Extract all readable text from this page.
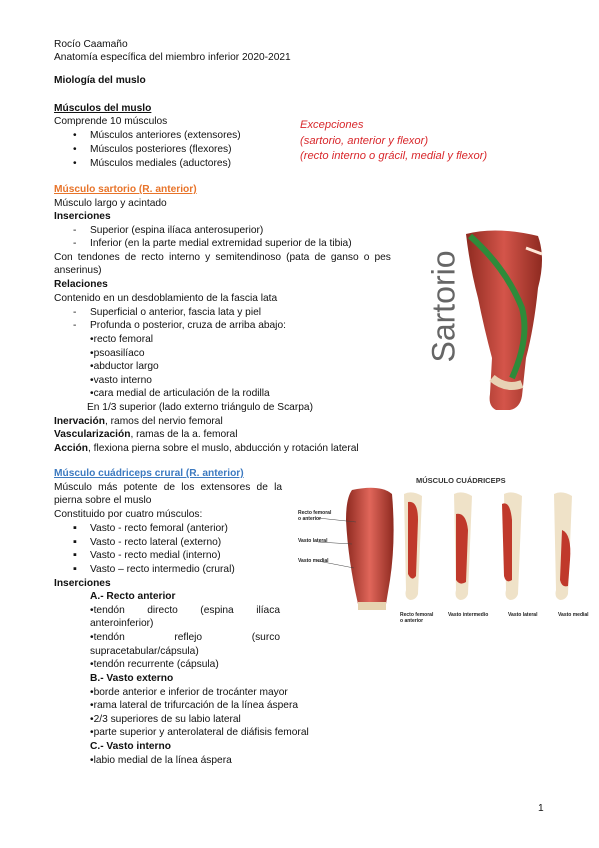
Rocío Caamaño
Anatomía específica del miembro inferior 2020-2021
Miología del muslo
Músculos del muslo
Comprende 10 músculos
• Músculos anteriores (extensores)
• Músculos posteriores (flexores)
• Músculos mediales (aductores)
Excepciones
(sartorio, anterior y flexor)
(recto interno o grácil, medial y flexor)
Músculo sartorio (R. anterior)
Músculo largo y acintado
Inserciones
- Superior (espina ilíaca anterosuperior)
- Inferior (en la parte medial extremidad superior de la tibia)
Con tendones de recto interno y semitendinoso (pata de ganso o pes
anserinus)
Relaciones
Contenido en un desdoblamiento de la fascia lata
- Superficial o anterior, fascia lata y piel
- Profunda o posterior, cruza de arriba abajo:
•recto femoral
•psoasilíaco
•abductor largo
•vasto interno
•cara medial de articulación de la rodilla
En 1/3 superior (lado externo triángulo de Scarpa)
Inervación, ramos del nervio femoral
Vascularización, ramas de la a. femoral
Acción, flexiona pierna sobre el muslo, abducción y rotación lateral
Sartorio
Músculo cuádriceps crural (R. anterior)
Músculo más potente de los extensores de la
pierna sobre el muslo
Constituido por cuatro músculos:
▪ Vasto - recto femoral (anterior)
▪ Vasto - recto lateral (externo)
▪ Vasto - recto medial (interno)
▪ Vasto – recto intermedio (crural)
Inserciones
A.- Recto anterior
•tendón directo (espina ilíaca
anteroinferior)
•tendón	reflejo	(surco
supracetabular/cápsula)
•tendón recurrente (cápsula)
B.- Vasto externo
•borde anterior e inferior de trocánter mayor
•rama lateral de trifurcación de la línea áspera
•2/3 superiores de su labio lateral
•parte superior y anterolateral de diáfisis femoral
C.- Vasto interno
•labio medial de la línea áspera
MÚSCULO CUÁDRICEPS
Recto femoral
o anterior
Vasto lateral
Vasto medial
Recto femoral
o anterior
Vasto intermedio	Vasto lateral	Vasto medial
1
